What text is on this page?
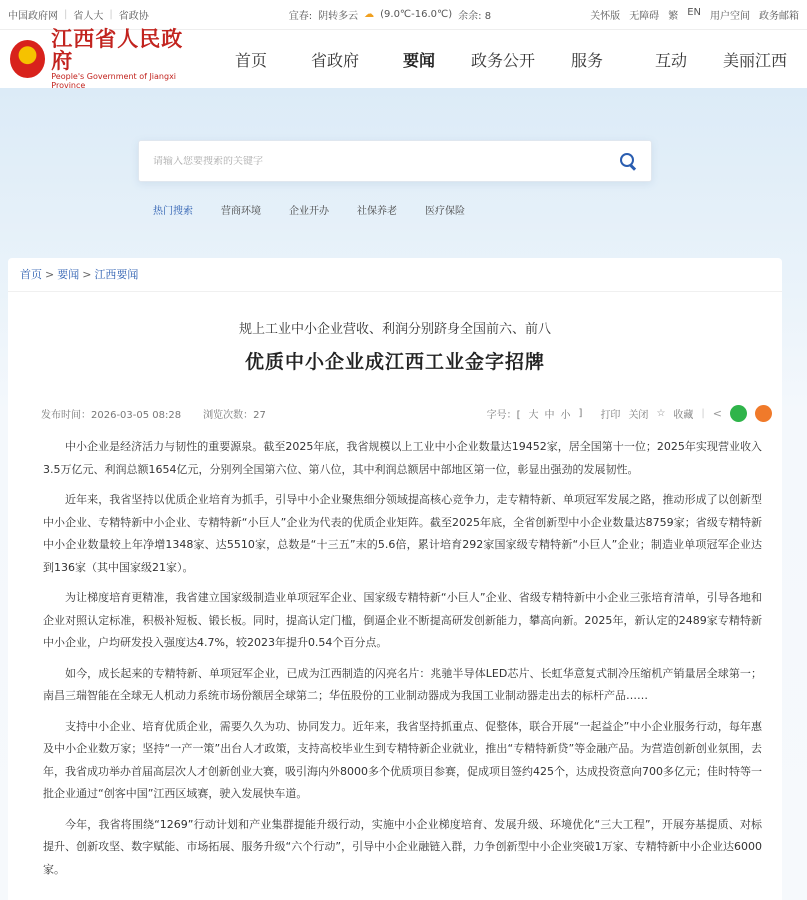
中国政府网 | 省人大 | 省政协	宜春: 阴转多云 ☁ (9.0℃-16.0℃) 余余: 8	关怀版 无障碍 繁 EN 用户空间 政务邮箱
★
江西省人民政府
People's Government of Jiangxi Province
首页	省政府	要闻	政务公开	服务	互动	美丽江西
请输入您要搜索的关键字
热门搜索	营商环境	企业开办	社保养老	医疗保险
首页 > 要闻 > 江西要闻
规上工业中小企业营收、利润分别跻身全国前六、前八
优质中小企业成江西工业金字招牌
发布时间：2026-03-05 08:28 浏览次数：27	字号：[ 大 中 小 ] 打印 关闭 ☆ 收藏 | <

中小企业是经济活力与韧性的重要源泉。截至2025年底，我省规模以上工业中小企业数量达19452家，居全国第十一位；2025年实现营业收入3.5万亿元、利润总额1654亿元，分别列全国第六位、第八位，其中利润总额居中部地区第一位，彰显出强劲的发展韧性。

近年来，我省坚持以优质企业培育为抓手，引导中小企业聚焦细分领域提高核心竞争力，走专精特新、单项冠军发展之路，推动形成了以创新型中小企业、专精特新中小企业、专精特新“小巨人”企业为代表的优质企业矩阵。截至2025年底，全省创新型中小企业数量达8759家；省级专精特新中小企业数量较上年净增1348家、达5510家，总数是“十三五”末的5.6倍，累计培育292家国家级专精特新“小巨人”企业；制造业单项冠军企业达到136家（其中国家级21家）。

为让梯度培育更精准，我省建立国家级制造业单项冠军企业、国家级专精特新“小巨人”企业、省级专精特新中小企业三张培育清单，引导各地和企业对照认定标准，积极补短板、锻长板。同时，提高认定门槛，倒逼企业不断提高研发创新能力，攀高向新。2025年，新认定的2489家专精特新中小企业，户均研发投入强度达4.7%，较2023年提升0.54个百分点。

如今，成长起来的专精特新、单项冠军企业，已成为江西制造的闪亮名片：兆驰半导体LED芯片、长虹华意复式制冷压缩机产销量居全球第一；南昌三瑞智能在全球无人机动力系统市场份额居全球第二；华伍股份的工业制动器成为我国工业制动器走出去的标杆产品……

支持中小企业、培育优质企业，需要久久为功、协同发力。近年来，我省坚持抓重点、促整体，联合开展“一起益企”中小企业服务行动，每年惠及中小企业数万家；坚持“一产一策”出台人才政策，支持高校毕业生到专精特新企业就业，推出“专精特新贷”等金融产品。为营造创新创业氛围，去年，我省成功举办首届高层次人才创新创业大赛，吸引海内外8000多个优质项目参赛，促成项目签约425个，达成投资意向700多亿元；佳时特等一批企业通过“创客中国”江西区域赛，驶入发展快车道。

今年，我省将围绕“1269”行动计划和产业集群提能升级行动，实施中小企业梯度培育、发展升级、环境优化“三大工程”，开展夯基提质、对标提升、创新攻坚、数字赋能、市场拓展、服务升级“六个行动”，引导中小企业融链入群，力争创新型中小企业突破1万家、专精特新中小企业达6000家。
